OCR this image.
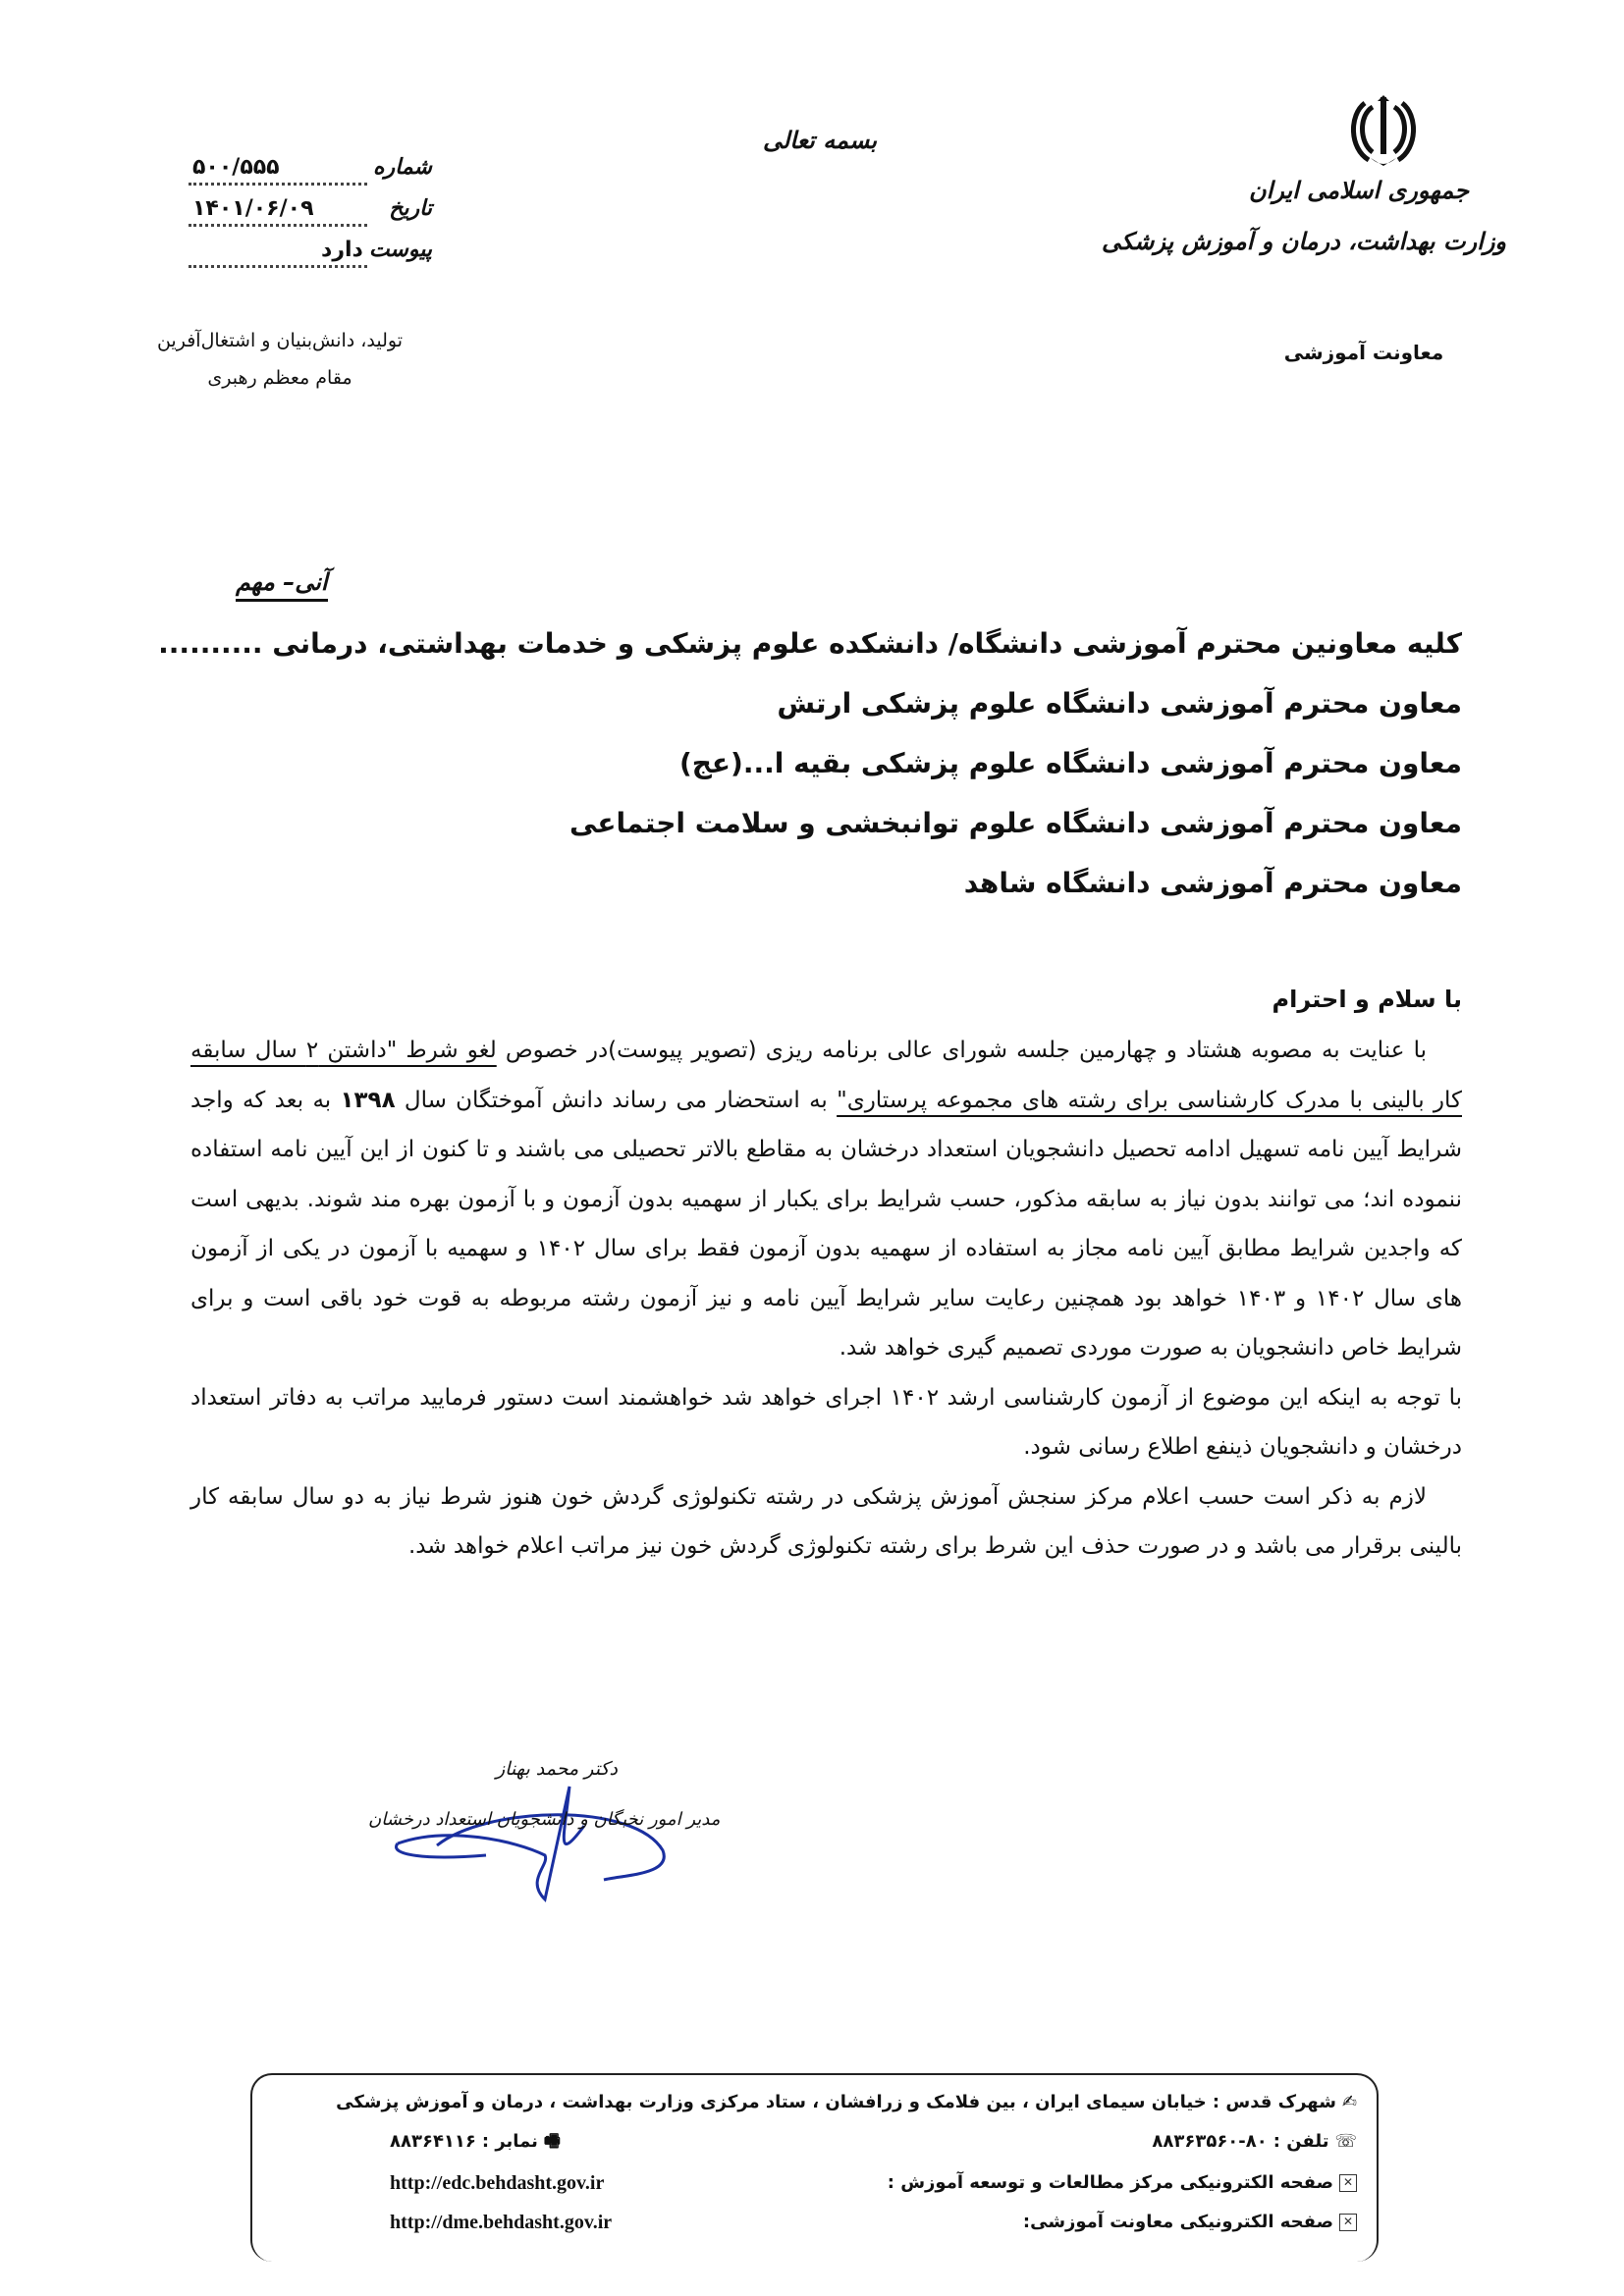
جمهوری اسلامی ایران
وزارت بهداشت، درمان و آموزش پزشکی
معاونت آموزشی
بسمه تعالی
شماره
۵۰۰/۵۵۵
تاریخ
۱۴۰۱/۰۶/۰۹
پیوست
دارد
تولید، دانش‌بنیان و اشتغال‌آفرین
مقام معظم رهبری
آنی– مهم
کلیه معاونین محترم آموزشی دانشگاه/ دانشکده علوم پزشکی و خدمات بهداشتی، درمانی ..........
معاون محترم آموزشی دانشگاه علوم پزشکی ارتش
معاون محترم آموزشی دانشگاه علوم پزشکی بقیه ا...(عج)
معاون محترم آموزشی دانشگاه علوم توانبخشی و سلامت اجتماعی
معاون محترم آموزشی دانشگاه شاهد
با سلام و احترام

با عنایت به مصوبه هشتاد و چهارمین جلسه شورای عالی برنامه ریزی (تصویر پیوست)در خصوص لغو شرط "داشتن ۲ سال سابقه کار بالینی با مدرک کارشناسی برای رشته های مجموعه پرستاری" به استحضار می رساند دانش آموختگان سال ۱۳۹۸ به بعد که واجد شرایط آیین نامه تسهیل ادامه تحصیل دانشجویان استعداد درخشان به مقاطع بالاتر تحصیلی می باشند و تا کنون از این آیین نامه استفاده ننموده اند؛ می توانند بدون نیاز به سابقه مذکور، حسب شرایط برای یکبار از سهمیه بدون آزمون و با آزمون بهره مند شوند. بدیهی است که واجدین شرایط مطابق آیین نامه مجاز به استفاده از سهمیه بدون آزمون فقط برای سال ۱۴۰۲ و سهمیه با آزمون در یکی از آزمون های سال ۱۴۰۲ و ۱۴۰۳ خواهد بود همچنین رعایت سایر شرایط آیین نامه و نیز آزمون رشته مربوطه به قوت خود باقی است و برای شرایط خاص دانشجویان به صورت موردی تصمیم گیری خواهد شد.

با توجه به اینکه این موضوع از آزمون کارشناسی ارشد ۱۴۰۲ اجرای خواهد شد خواهشمند است دستور فرمایید مراتب به دفاتر استعداد درخشان و دانشجویان ذینفع اطلاع رسانی شود.

لازم به ذکر است حسب اعلام مرکز سنجش آموزش پزشکی در رشته تکنولوژی گردش خون هنوز شرط نیاز به دو سال سابقه کار بالینی برقرار می باشد و در صورت حذف این شرط برای رشته تکنولوژی گردش خون نیز مراتب اعلام خواهد شد.

دکتر محمد بهناز
مدیر امور نخبگان و دانشجویان استعداد درخشان
✍
شهرک قدس : خیابان سیمای ایران ، بین فلامک و زرافشان ، ستاد مرکزی وزارت بهداشت ، درمان و آموزش پزشکی
☏
تلفن :
۸۸۳۶۳۵۶۰-۸۰
🖷
نمابر :
۸۸۳۶۴۱۱۶
✕
صفحه الکترونیکی مرکز مطالعات و توسعه آموزش :
http://edc.behdasht.gov.ir
✕
صفحه الکترونیکی معاونت آموزشی:
http://dme.behdasht.gov.ir
